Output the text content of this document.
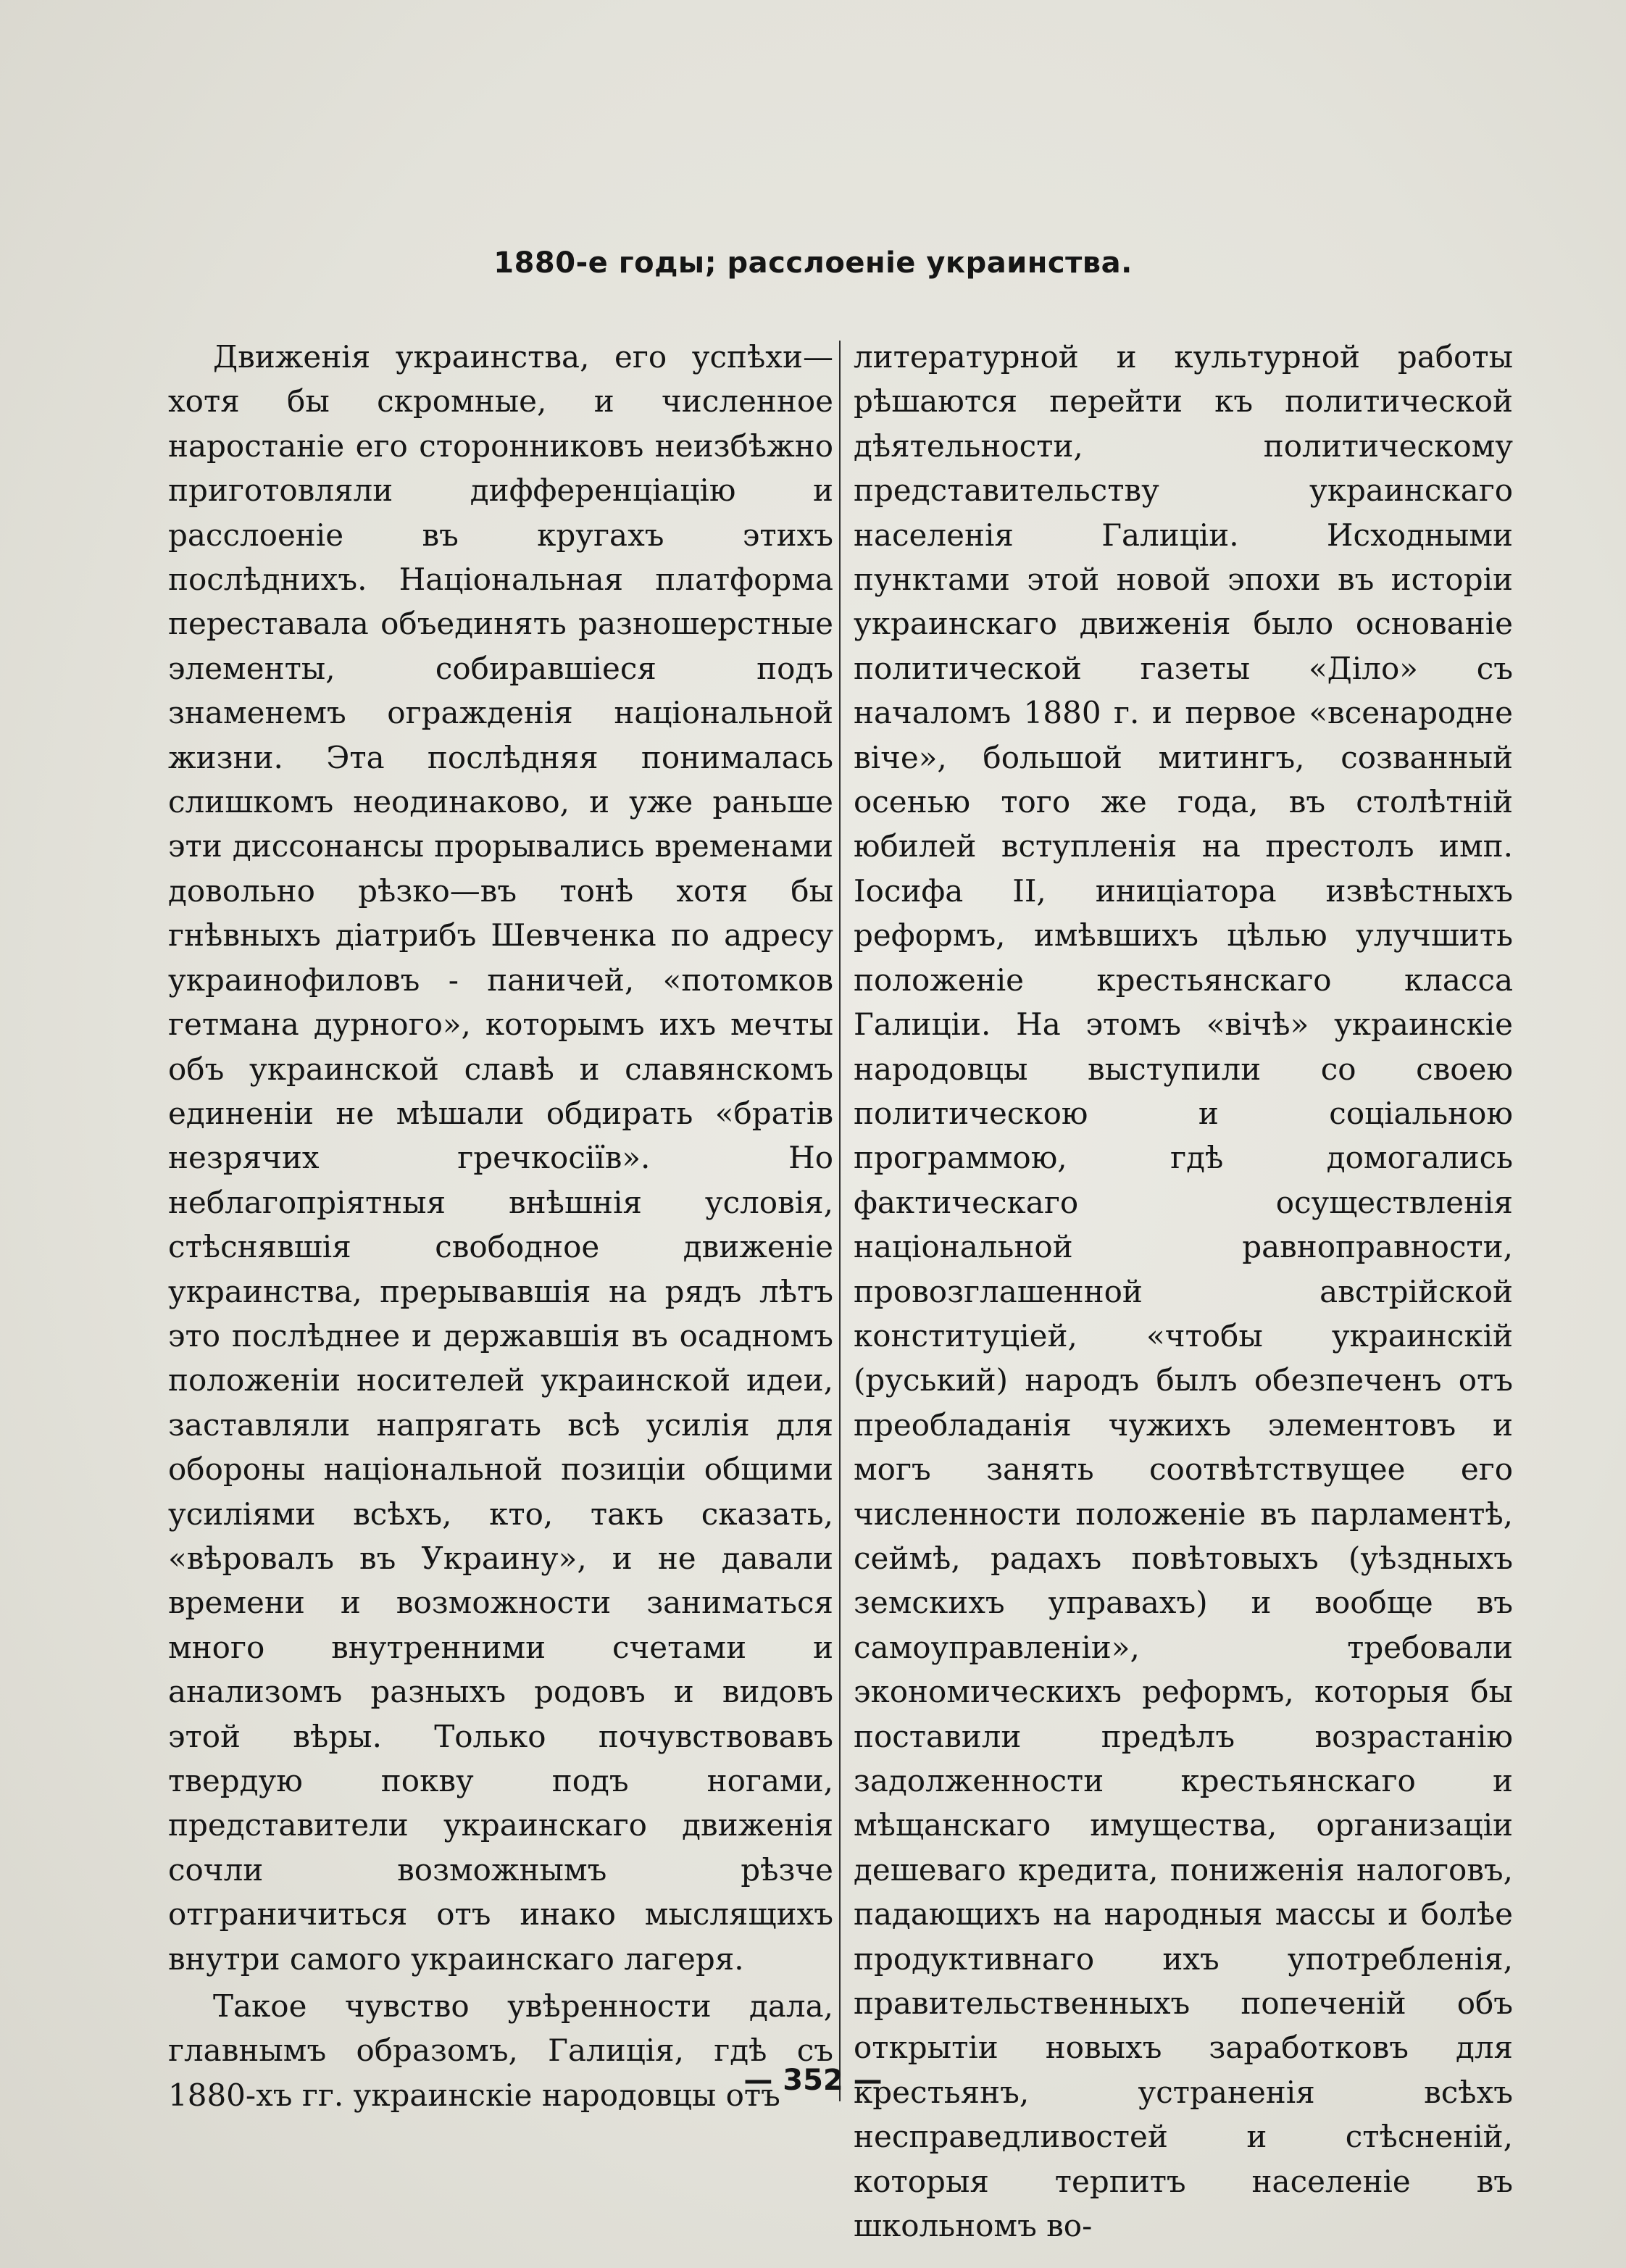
1880-е годы; расслоеніе украинства.

Движенія украинства, его успѣхи— хотя бы скромные, и численное наростаніе его сторонниковъ неизбѣжно приготовляли дифференціацію и расслоеніе въ кругахъ этихъ послѣднихъ. Національная платформа переставала объединять разношерстные элементы, собиравшіеся подъ знаменемъ огражденія національной жизни. Эта послѣдняя понималась слишкомъ неодинаково, и уже раньше эти диссонансы прорывались временами довольно рѣзко—въ тонѣ хотя бы гнѣвныхъ діатрибъ Шевченка по адресу украинофиловъ - паничей, «потомков гетмана дурного», которымъ ихъ мечты объ украинской славѣ и славянскомъ единеніи не мѣшали обдирать «братів незрячих гречкосіїв». Но неблагопріятныя внѣшнія условія, стѣснявшія свободное движеніе украинства, прерывавшія на рядъ лѣтъ это послѣднее и державшія въ осадномъ положеніи носителей украинской идеи, заставляли напрягать всѣ усилія для обороны національной позиціи общими усиліями всѣхъ, кто, такъ сказать, «вѣровалъ въ Украину», и не давали времени и возможности заниматься много внутренними счетами и анализомъ разныхъ родовъ и видовъ этой вѣры. Только почувствовавъ твердую покву подъ ногами, представители украинскаго движенія сочли возможнымъ рѣзче отграничиться отъ инако мыслящихъ внутри самого украинскаго лагеря.

Такое чувство увѣренности дала, главнымъ образомъ, Галиція, гдѣ съ 1880-хъ гг. украинскіе народовцы отъ

литературной и культурной работы рѣшаются перейти къ политической дѣятельности, политическому представительству украинскаго населенія Галиціи. Исходными пунктами этой новой эпохи въ исторіи украинскаго движенія было основаніе политической газеты «Діло» съ началомъ 1880 г. и первое «всенародне віче», большой митингъ, созванный осенью того же года, въ столѣтній юбилей вступленія на престолъ имп. Іосифа II, иниціатора извѣстныхъ реформъ, имѣвшихъ цѣлью улучшить положеніе крестьянскаго класса Галиціи. На этомъ «вічѣ» украинскіе народовцы выступили со своею политическою и соціальною программою, гдѣ домогались фактическаго осуществленія національной равноправности, провозглашенной австрійской конституціей, «чтобы украинскій (руський) народъ былъ обезпеченъ отъ преобладанія чужихъ элементовъ и могъ занять соотвѣтствущее его численности положеніе въ парламентѣ, сеймѣ, радахъ повѣтовыхъ (уѣздныхъ земскихъ управахъ) и вообще въ самоуправленіи», требовали экономическихъ реформъ, которыя бы поставили предѣлъ возрастанію задолженности крестьянскаго и мѣщанскаго имущества, организаціи дешеваго кредита, пониженія налоговъ, падающихъ на народныя массы и болѣе продуктивнаго ихъ употребленія, правительственныхъ попеченій объ открытіи новыхъ заработковъ для крестьянъ, устраненія всѣхъ несправедливостей и стѣсненій, которыя терпитъ населеніе въ школьномъ во-

— 352 —
